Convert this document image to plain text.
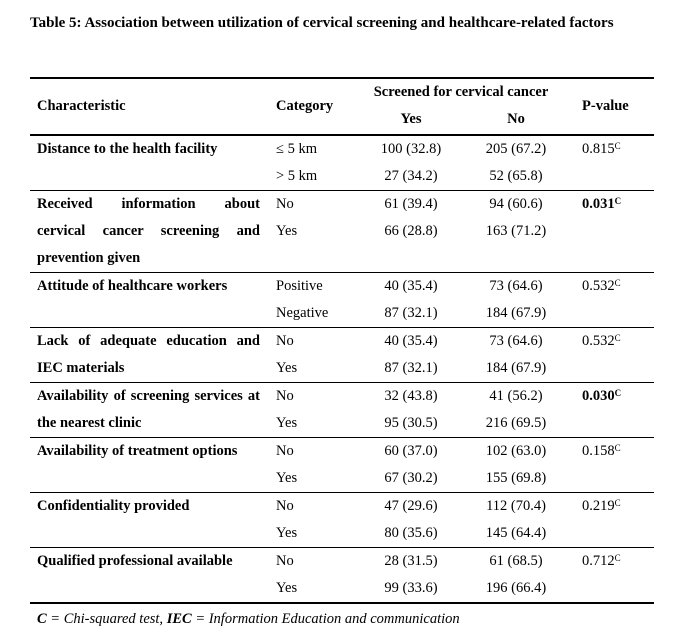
Table 5: Association between utilization of cervical screening and healthcare-related factors
Characteristic	Category	Screened for cervical cancer		P-value
		Yes	No	
Distance to the health facility	≤ 5 km	100 (32.8)	205 (67.2)	$0.815^C$
	> 5 km	27 (34.2)	52 (65.8)	
Received information about cervical cancer screening and prevention given	No	61 (39.4)	94 (60.6)	$0.031^C$
	Yes	66 (28.8)	163 (71.2)	

Attitude of healthcare workers	Positive	40 (35.4)	73 (64.6)	$0.532^C$
	Negative	87 (32.1)	184 (67.9)	
Lack of adequate education and IEC materials	No	40 (35.4)	73 (64.6)	$0.532^C$
	Yes	87 (32.1)	184 (67.9)	
Availability of screening services at the nearest clinic	No	32 (43.8)	41 (56.2)	$0.030^C$
	Yes	95 (30.5)	216 (69.5)	
Availability of treatment options	No	60 (37.0)	102 (63.0)	$0.158^C$
	Yes	67 (30.2)	155 (69.8)	
Confidentiality provided	No	47 (29.6)	112 (70.4)	$0.219^C$
	Yes	80 (35.6)	145 (64.4)	
Qualified professional available	No	28 (31.5)	61 (68.5)	$0.712^C$
	Yes	99 (33.6)	196 (66.4)	
C = Chi-squared test, IEC = Information Education and communication
